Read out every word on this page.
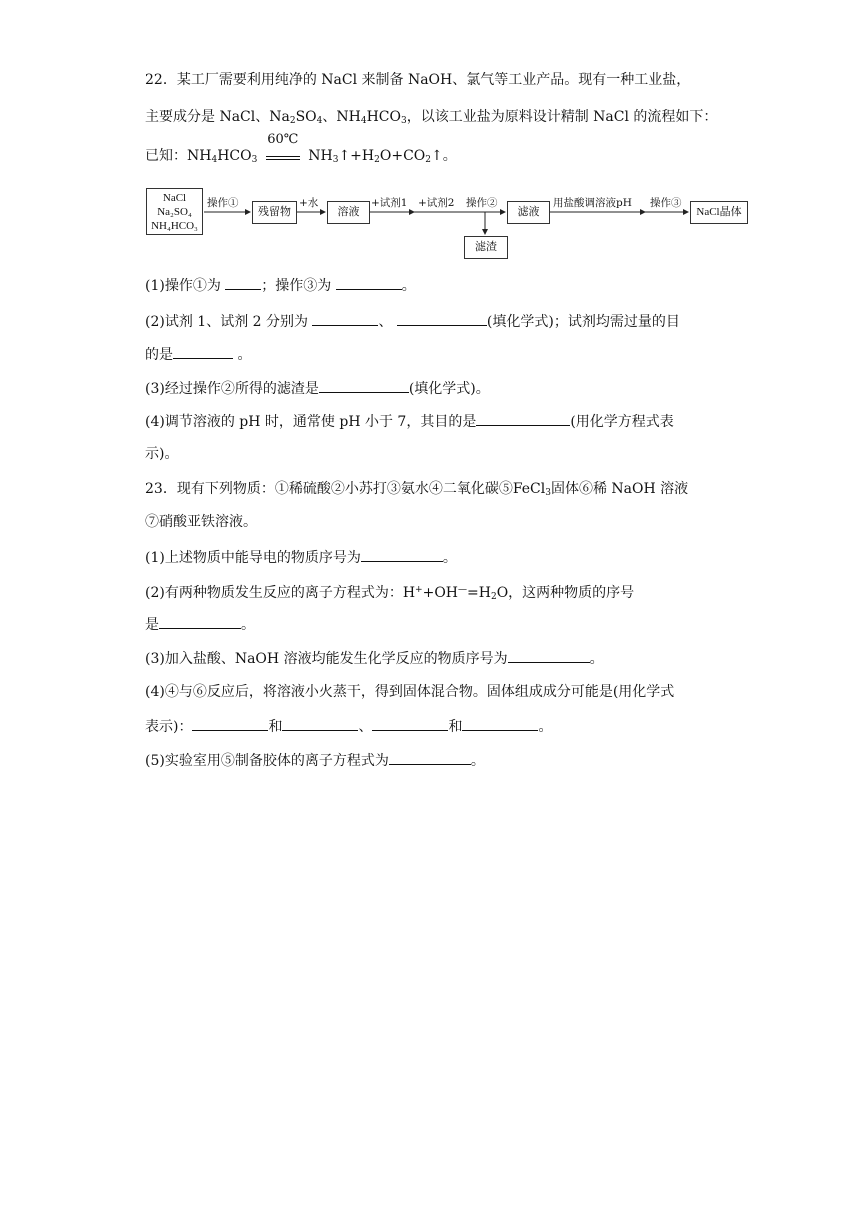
22．某工厂需要利用纯净的 NaCl 来制备 NaOH、氯气等工业产品。现有一种工业盐，
主要成分是 NaCl、$Na_2SO_4$、$NH_4HCO_3$，以该工业盐为原料设计精制 NaCl 的流程如下：
已知：$NH_4HCO_3$
60℃
$NH_3↑+H_2O+CO_2↑$。
NaCl
Na₂SO₄
NH₄HCO₃
操作①
残留物
+水
溶液
+试剂1 +试剂2 操作②
滤液
用盐酸调溶液pH 操作③
NaCl晶体
滤渣
(1)操作①为	；操作③为	。
(2)试剂 1、试剂 2 分别为	、	(填化学式)；试剂均需过量的目
的是	。
(3)经过操作②所得的滤渣是	(填化学式)。
(4)调节溶液的 pH 时，通常使 pH 小于 7，其目的是	(用化学方程式表
示)。
23．现有下列物质：①稀硫酸②小苏打③氨水④二氧化碳⑤FeCl$_3$固体⑥稀 NaOH 溶液
⑦硝酸亚铁溶液。
(1)上述物质中能导电的物质序号为	。
(2)有两种物质发生反应的离子方程式为：$H^++OH^—=H_2O$，这两种物质的序号
是	。
(3)加入盐酸、NaOH 溶液均能发生化学反应的物质序号为	。
(4)④与⑥反应后，将溶液小火蒸干，得到固体混合物。固体组成成分可能是(用化学式
表示)：	和	、	和	。
(5)实验室用⑤制备胶体的离子方程式为	。
